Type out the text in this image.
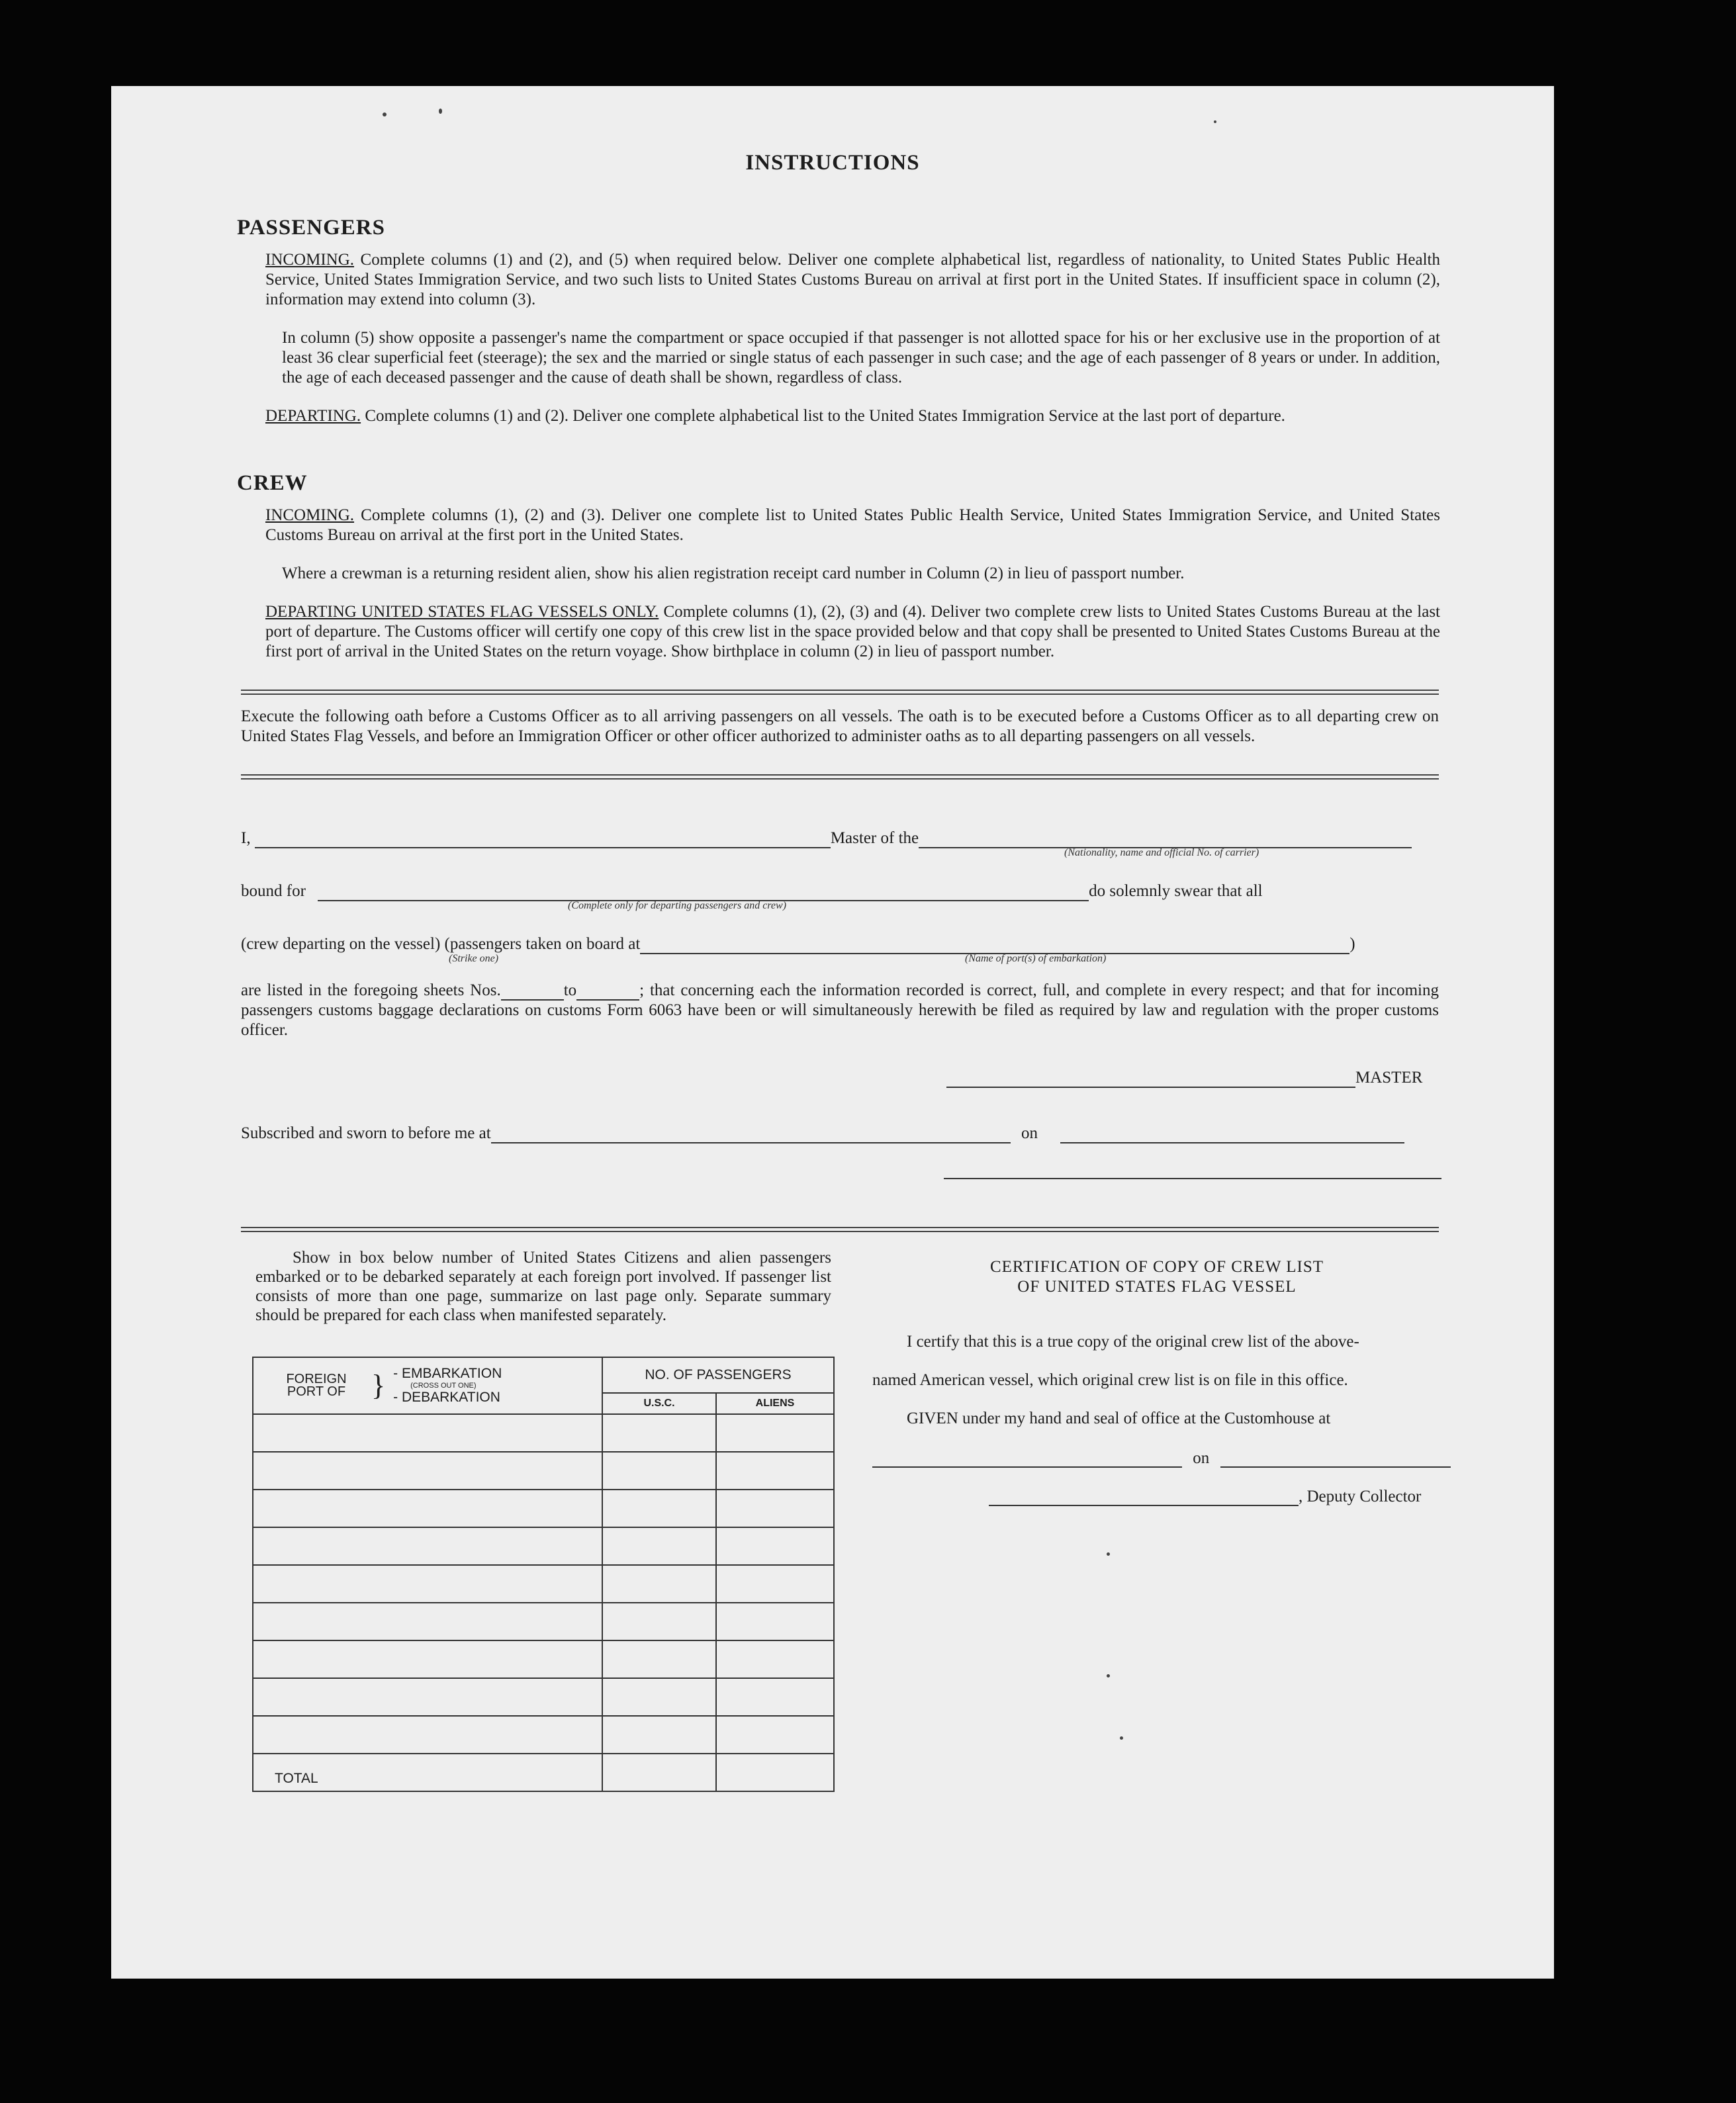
INSTRUCTIONS
PASSENGERS
INCOMING. Complete columns (1) and (2), and (5) when required below. Deliver one complete alphabetical list, regardless of nationality, to United States Public Health Service, United States Immigration Service, and two such lists to United States Customs Bureau on arrival at first port in the United States. If insufficient space in column (2), information may extend into column (3).
In column (5) show opposite a passenger's name the compartment or space occupied if that passenger is not allotted space for his or her exclusive use in the proportion of at least 36 clear superficial feet (steerage); the sex and the married or single status of each passenger in such case; and the age of each passenger of 8 years or under. In addition, the age of each deceased passenger and the cause of death shall be shown, regardless of class.
DEPARTING. Complete columns (1) and (2). Deliver one complete alphabetical list to the United States Immigration Service at the last port of departure.
CREW
INCOMING. Complete columns (1), (2) and (3). Deliver one complete list to United States Public Health Service, United States Immigration Service, and United States Customs Bureau on arrival at the first port in the United States.
Where a crewman is a returning resident alien, show his alien registration receipt card number in Column (2) in lieu of passport number.
DEPARTING UNITED STATES FLAG VESSELS ONLY. Complete columns (1), (2), (3) and (4). Deliver two complete crew lists to United States Customs Bureau at the last port of departure. The Customs officer will certify one copy of this crew list in the space provided below and that copy shall be presented to United States Customs Bureau at the first port of arrival in the United States on the return voyage. Show birthplace in column (2) in lieu of passport number.
Execute the following oath before a Customs Officer as to all arriving passengers on all vessels. The oath is to be executed before a Customs Officer as to all departing crew on United States Flag Vessels, and before an Immigration Officer or other officer authorized to administer oaths as to all departing passengers on all vessels.
I,	Master of the
(Nationality, name and official No. of carrier)
bound for	do solemnly swear that all
(Complete only for departing passengers and crew)
(crew departing on the vessel) (passengers taken on board at	)
(Strike one)	(Name of port(s) of embarkation)
are listed in the foregoing sheets Nos.	to	; that concerning each the information recorded is correct, full, and complete in every respect; and that for incoming passengers customs baggage declarations on customs Form 6063 have been or will simultaneously herewith be filed as required by law and regulation with the proper customs officer.
MASTER
Subscribed and sworn to before me at	on
Show in box below number of United States Citizens and alien passengers embarked or to be debarked separately at each foreign port involved. If passenger list consists of more than one page, summarize on last page only. Separate summary should be prepared for each class when manifested separately.
FOREIGN PORT OF } - EMBARKATION
(CROSS OUT ONE)
- DEBARKATION	NO. OF PASSENGERS	
	U.S.C.	ALIENS

TOTAL		
CERTIFICATION OF COPY OF CREW LIST
OF UNITED STATES FLAG VESSEL
I certify that this is a true copy of the original crew list of the above-
named American vessel, which original crew list is on file in this office.
GIVEN under my hand and seal of office at the Customhouse at
on
, Deputy Collector
